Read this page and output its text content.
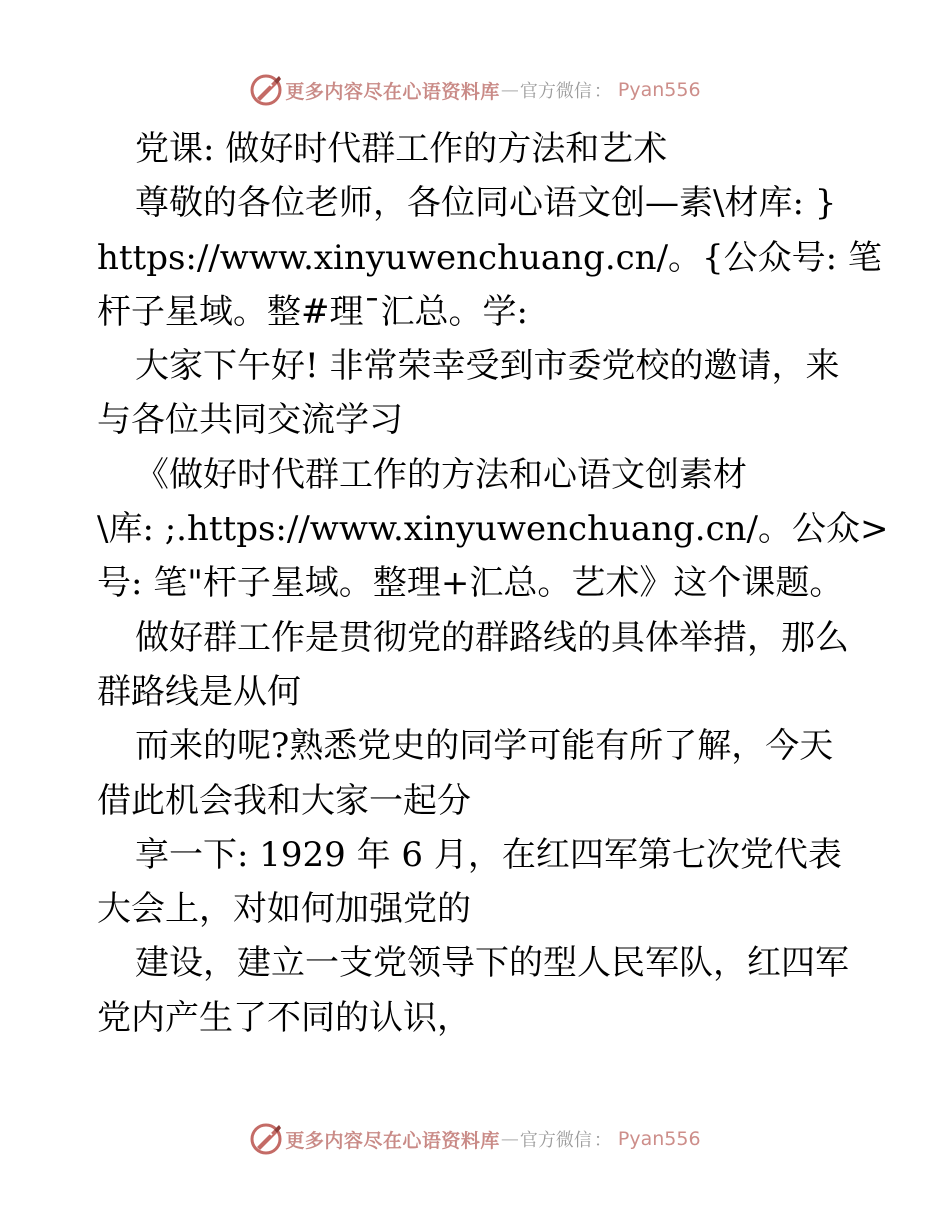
更多内容尽在心语资料库 — 官方微信 ： Pyan556
党课: 做好时代群工作的方法和艺术
尊敬的各位老师，各位同心语文创—素\材库: }
https://www.xinyuwenchuang.cn/。{公众号: 笔
杆子星域。整#理¯汇总。学:
大家下午好! 非常荣幸受到市委党校的邀请，来
与各位共同交流学习
《做好时代群工作的方法和心语文创素材
\库: ;.https://www.xinyuwenchuang.cn/。公众>
号: 笔"杆子星域。整理+汇总。艺术》这个课题。
做好群工作是贯彻党的群路线的具体举措，那么
群路线是从何
而来的呢?熟悉党史的同学可能有所了解，今天
借此机会我和大家一起分
享一下: 1929 年 6 月，在红四军第七次党代表
大会上，对如何加强党的
建设，建立一支党领导下的型人民军队，红四军
党内产生了不同的认识，
更多内容尽在心语资料库 — 官方微信 ： Pyan556
